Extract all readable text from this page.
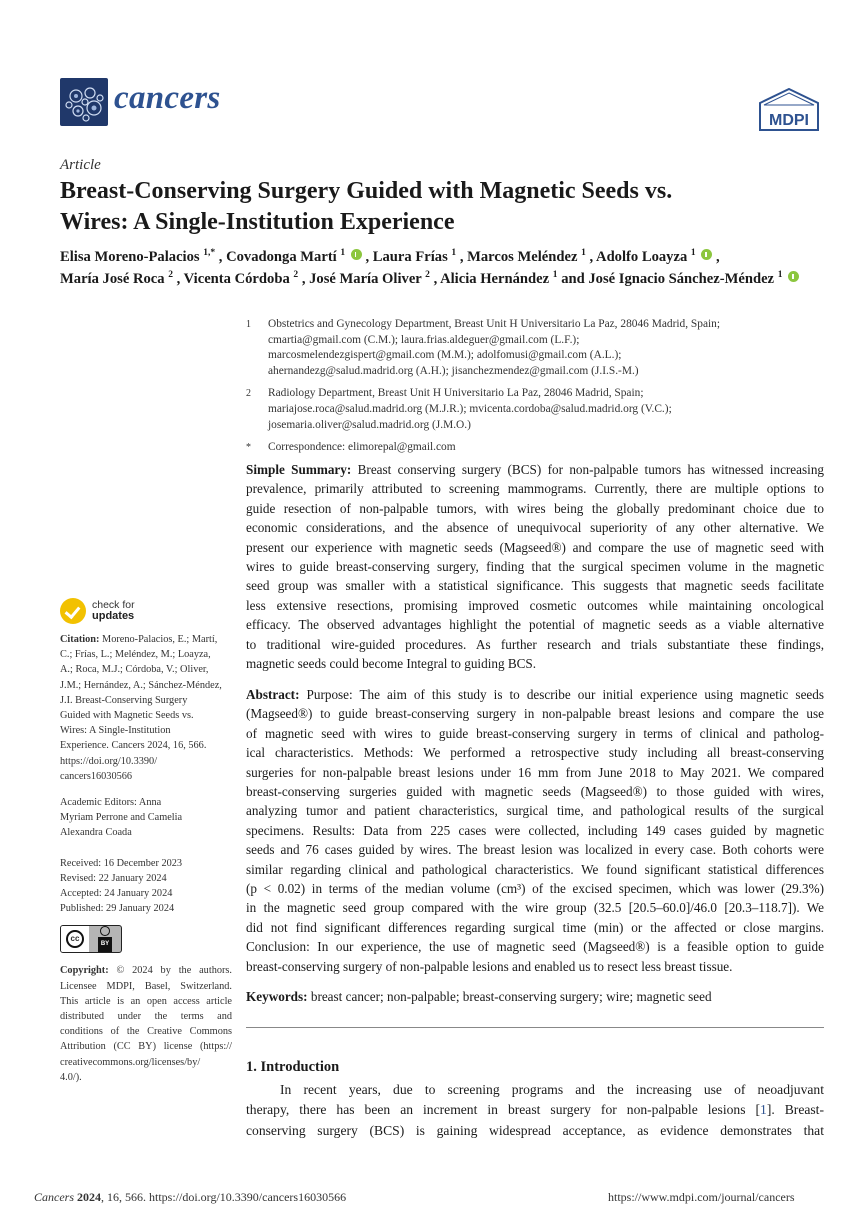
cancers
MDPI
Article
Breast-Conserving Surgery Guided with Magnetic Seeds vs.
Wires: A Single-Institution Experience
Elisa Moreno-Palacios $^{1,*}$ , Covadonga Martí $^1$ , Laura Frías $^1$ , Marcos Meléndez $^1$ , Adolfo Loayza $^1$ ,
María José Roca $^2$ , Vicenta Córdoba $^2$ , José María Oliver $^2$ , Alicia Hernández $^1$ and José Ignacio Sánchez-Méndez $^1$
1	Obstetrics and Gynecology Department, Breast Unit H Universitario La Paz, 28046 Madrid, Spain;
cmartia@gmail.com (C.M.); laura.frias.aldeguer@gmail.com (L.F.);
marcosmelendezgispert@gmail.com (M.M.); adolfomusi@gmail.com (A.L.);
ahernandezg@salud.madrid.org (A.H.); jisanchezmendez@gmail.com (J.I.S.-M.)
2	Radiology Department, Breast Unit H Universitario La Paz, 28046 Madrid, Spain;
mariajose.roca@salud.madrid.org (M.J.R.); mvicenta.cordoba@salud.madrid.org (V.C.);
josemaria.oliver@salud.madrid.org (J.M.O.)
*	Correspondence: elimorepal@gmail.com
Simple Summary: Breast conserving surgery (BCS) for non-palpable tumors has witnessed increasing
prevalence, primarily attributed to screening mammograms. Currently, there are multiple options to
guide resection of non-palpable tumors, with wires being the globally predominant choice due to
economic considerations, and the absence of unequivocal superiority of any other alternative. We
present our experience with magnetic seeds (Magseed®) and compare the use of magnetic seed with
wires to guide breast-conserving surgery, finding that the surgical specimen volume in the magnetic
seed group was smaller with a statistical significance. This suggests that magnetic seeds facilitate
less extensive resections, promising improved cosmetic outcomes while maintaining oncological
efficacy. The observed advantages highlight the potential of magnetic seeds as a viable alternative
to traditional wire-guided procedures. As further research and trials substantiate these findings,
magnetic seeds could become Integral to guiding BCS.
Abstract: Purpose: The aim of this study is to describe our initial experience using magnetic seeds
(Magseed®) to guide breast-conserving surgery in non-palpable breast lesions and compare the use
of magnetic seed with wires to guide breast-conserving surgery in terms of clinical and patholog-
ical characteristics. Methods: We performed a retrospective study including all breast-conserving
surgeries for non-palpable breast lesions under 16 mm from June 2018 to May 2021. We compared
breast-conserving surgeries guided with magnetic seeds (Magseed®) to those guided with wires,
analyzing tumor and patient characteristics, surgical time, and pathological results of the surgical
specimens. Results: Data from 225 cases were collected, including 149 cases guided by magnetic
seeds and 76 cases guided by wires. The breast lesion was localized in every case. Both cohorts were
similar regarding clinical and pathological characteristics. We found significant statistical differences
(p < 0.02) in terms of the median volume (cm³) of the excised specimen, which was lower (29.3%)
in the magnetic seed group compared with the wire group (32.5 [20.5–60.0]/46.0 [20.3–118.7]). We
did not find significant differences regarding surgical time (min) or the affected or close margins.
Conclusion: In our experience, the use of magnetic seed (Magseed®) is a feasible option to guide
breast-conserving surgery of non-palpable lesions and enabled us to resect less breast tissue.
Keywords: breast cancer; non-palpable; breast-conserving surgery; wire; magnetic seed
check for
updates
Citation: Moreno-Palacios, E.; Martí,
C.; Frías, L.; Meléndez, M.; Loayza,
A.; Roca, M.J.; Córdoba, V.; Oliver,
J.M.; Hernández, A.; Sánchez-Méndez,
J.I. Breast-Conserving Surgery
Guided with Magnetic Seeds vs.
Wires: A Single-Institution
Experience. Cancers 2024, 16, 566.
https://doi.org/10.3390/
cancers16030566
Academic Editors: Anna
Myriam Perrone and Camelia
Alexandra Coada
Received: 16 December 2023
Revised: 22 January 2024
Accepted: 24 January 2024
Published: 29 January 2024
cc
BY
Copyright: © 2024 by the authors.
Licensee MDPI, Basel, Switzerland.
This article is an open access article
distributed under the terms and
conditions of the Creative Commons
Attribution (CC BY) license (https://
creativecommons.org/licenses/by/
4.0/).
1. Introduction
In recent years, due to screening programs and the increasing use of neoadjuvant
therapy, there has been an increment in breast surgery for non-palpable lesions [1]. Breast-
conserving surgery (BCS) is gaining widespread acceptance, as evidence demonstrates that
Cancers 2024, 16, 566. https://doi.org/10.3390/cancers16030566	https://www.mdpi.com/journal/cancers
